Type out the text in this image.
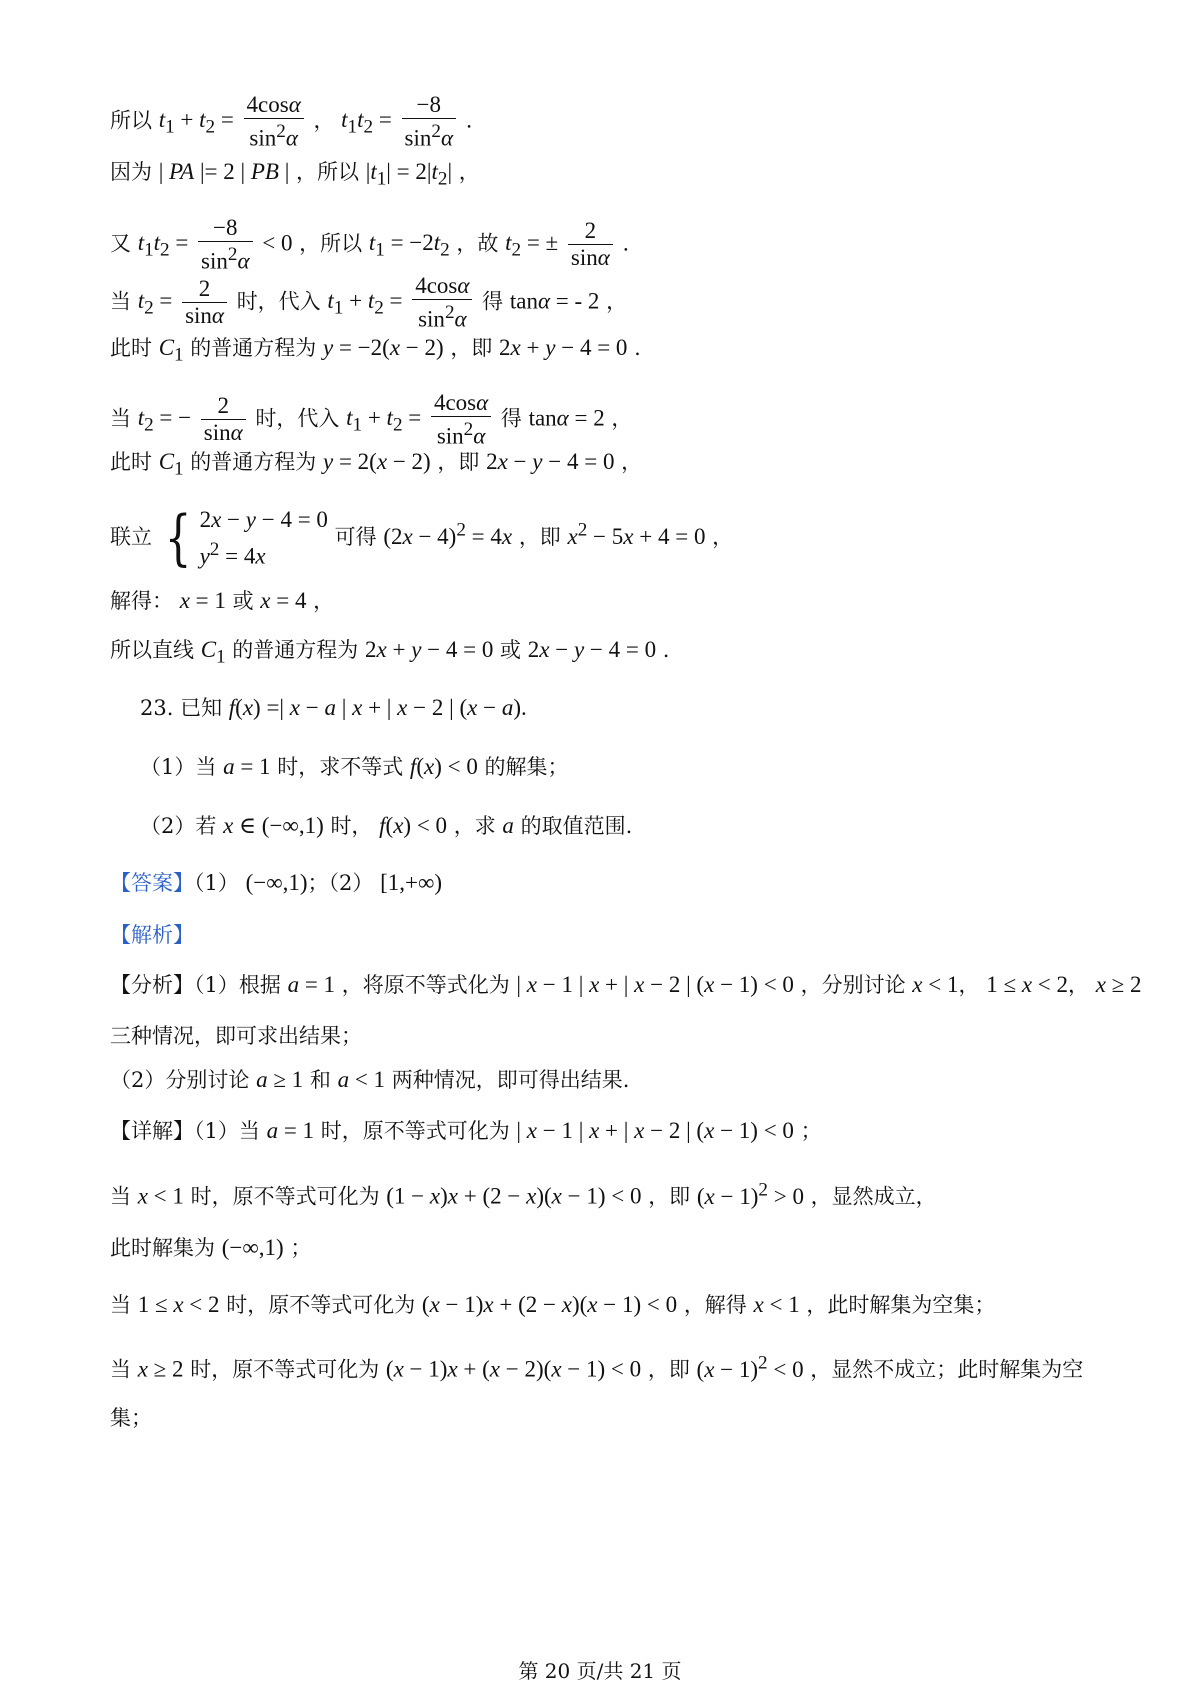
所以 $t_1 + t_2 = \frac{4\cos\alpha}{\sin^2\alpha}$ ， $t_1t_2 = \frac{-8}{\sin^2\alpha}$ .
因为 | PA |= 2 | PB | ，所以 $|t_1| = 2|t_2|$ ，
又 $t_1t_2 = \frac{-8}{\sin^2\alpha} < 0$ ，所以 $t_1 = -2t_2$ ，故 $t_2$ = ± $\frac{2}{\sin\alpha}$ .
当 $t_2 = \frac{2}{\sin\alpha}$ 时，代入 $t_1 + t_2 = \frac{4\cos\alpha}{\sin^2\alpha}$ 得 tanα = - 2 ，
此时 $C_1$ 的普通方程为 y = −2(x − 2) ，即 2x + y − 4 = 0 .
当 $t_2$ = − $\frac{2}{\sin\alpha}$ 时，代入 $t_1 + t_2 = \frac{4\cos\alpha}{\sin^2\alpha}$ 得 tanα = 2 ，
此时 $C_1$ 的普通方程为 y = 2(x − 2) ，即 2x − y − 4 = 0 ，
联立 { 2x − y − 4 = 0
$y^2 = 4x$
可得 $(2x - 4)^2 = 4x$ ，即 $x^2 - 5x + 4 = 0$ ，
解得： x = 1 或 x = 4 ，
所以直线 $C_1$ 的普通方程为 2x + y − 4 = 0 或 2x − y − 4 = 0 .
23. 已知 f(x) =| x − a | x + | x − 2 | (x − a).
（1）当 a = 1 时，求不等式 f(x) < 0 的解集；
（2）若 x ∈ (−∞,1) 时， f(x) < 0 ，求 a 的取值范围.
【答案】（1） (−∞,1)；（2） [1,+∞)
【解析】
【分析】（1）根据 a = 1 ，将原不等式化为 | x − 1 | x + | x − 2 | (x − 1) < 0 ，分别讨论 x < 1， 1 ≤ x < 2， x ≥ 2
三种情况，即可求出结果；
（2）分别讨论 a ≥ 1 和 a < 1 两种情况，即可得出结果.
【详解】（1）当 a = 1 时，原不等式可化为 | x − 1 | x + | x − 2 | (x − 1) < 0 ；
当 x < 1 时，原不等式可化为 (1 − x)x + (2 − x)(x − 1) < 0 ，即 $(x - 1)^2 > 0$ ，显然成立，
此时解集为 (−∞,1) ；
当 1 ≤ x < 2 时，原不等式可化为 (x − 1)x + (2 − x)(x − 1) < 0 ，解得 x < 1 ，此时解集为空集；
当 x ≥ 2 时，原不等式可化为 (x − 1)x + (x − 2)(x − 1) < 0 ，即 $(x - 1)^2 < 0$ ，显然不成立；此时解集为空
集；
第 20 页/共 21 页
